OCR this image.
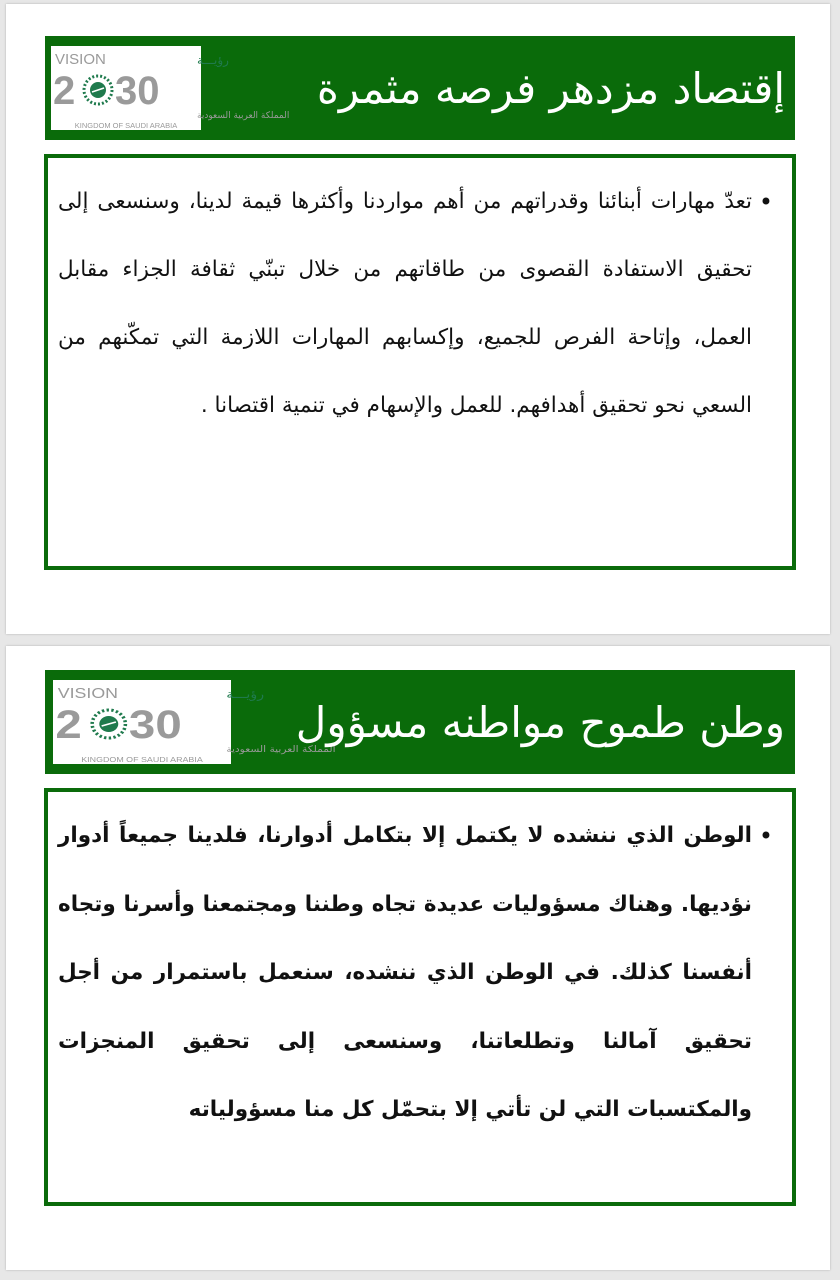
VISION	رؤيـــة
2 30
المملكة العربية السعودية
KINGDOM OF SAUDI ARABIA
إقتصاد مزدهر فرصه مثمرة
•
تعدّ مهارات أبنائنا وقدراتهم من أهم مواردنا وأكثرها قيمة لدينا، وسنسعى إلى تحقيق الاستفادة القصوى من طاقاتهم من خلال تبنّي ثقافة الجزاء مقابل العمل، وإتاحة الفرص للجميع، وإكسابهم المهارات اللازمة التي تمكّنهم من السعي نحو تحقيق أهدافهم. للعمل والإسهام في تنمية اقتصانا .
VISION	رؤيـــة
2 30
المملكة العربية السعودية
KINGDOM OF SAUDI ARABIA
وطن طموح مواطنه مسؤول
•
الوطن الذي ننشده لا يكتمل إلا بتكامل أدوارنا، فلدينا جميعاً أدوار نؤديها. وهناك مسؤوليات عديدة تجاه وطننا ومجتمعنا وأسرنا وتجاه أنفسنا كذلك. في الوطن الذي ننشده، سنعمل باستمرار من أجل تحقيق آمالنا وتطلعاتنا، وسنسعى إلى تحقيق المنجزات والمكتسبات التي لن تأتي إلا بتحمّل كل منا مسؤولياته
